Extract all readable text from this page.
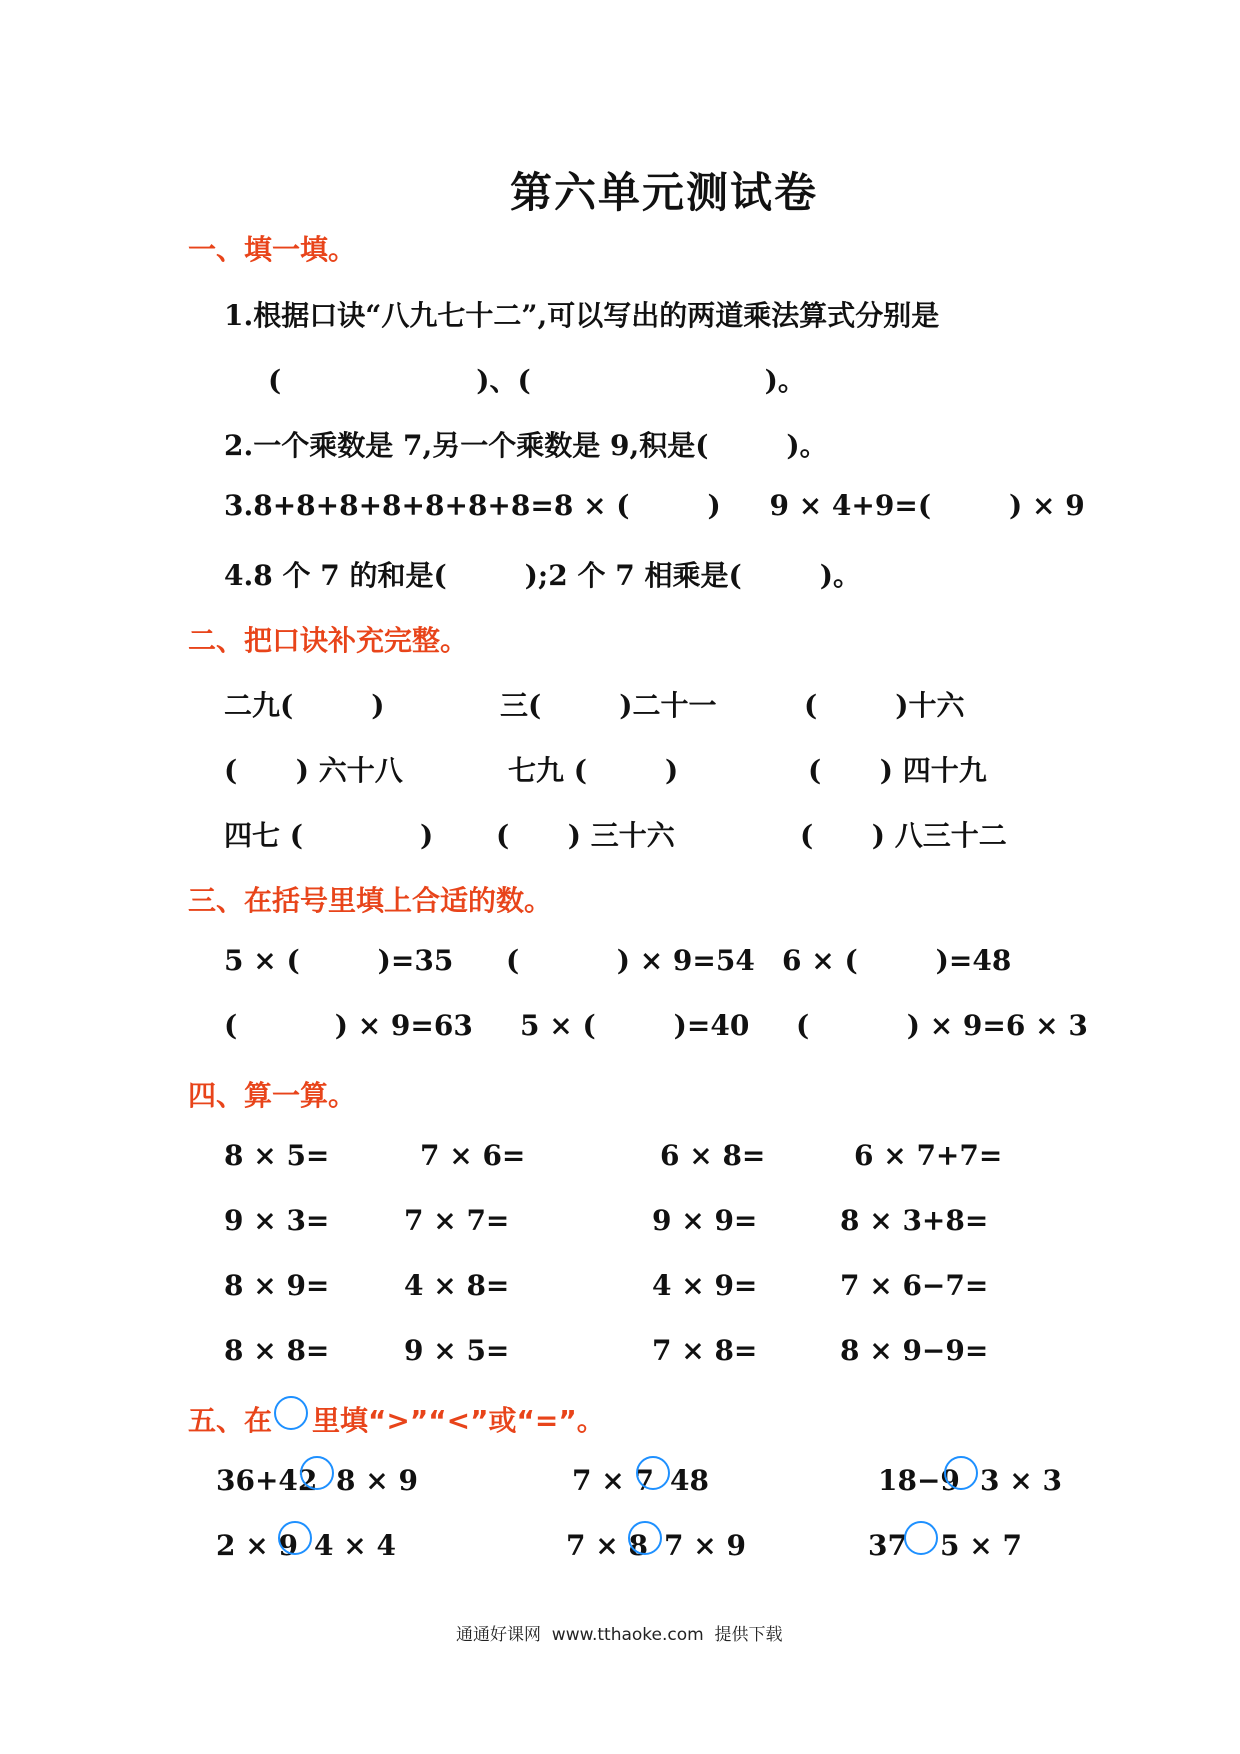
第六单元测试卷
一、填一填。
1.根据口诀“八九七十二”,可以写出的两道乘法算式分别是
(                    )、(                        )。
2.一个乘数是 7,另一个乘数是 9,积是(        )。
3.8+8+8+8+8+8+8=8 × (        )     9 × 4+9=(        ) × 9
4.8 个 7 的和是(        );2 个 7 相乘是(        )。
二、把口诀补充完整。
二九(        )	三(        )二十一	(        )十六
(      ) 六十八	七九 (        )	(      ) 四十九
四七 (            ) (      ) 三十六	(      ) 八三十二
三、在括号里填上合适的数。
5 × (        )=35 (          ) × 9=54 6 × (        )=48
(          ) × 9=63 5 × (        )=40 (          ) × 9=6 × 3
四、算一算。
8 × 5=	7 × 6=	6 × 8=	6 × 7+7=
9 × 3=	7 × 7=	9 × 9=	8 × 3+8=
8 × 9=	4 × 8=	4 × 9=	7 × 6−7=
8 × 8=	9 × 5=	7 × 8=	8 × 9−9=
五、在 里填“>”“<”或“=”。
36+42 8 × 9	7 × 7 48	18−9 3 × 3
2 × 9 4 × 4	7 × 8 7 × 9	37 5 × 7
通通好课网  www.tthaoke.com  提供下载
